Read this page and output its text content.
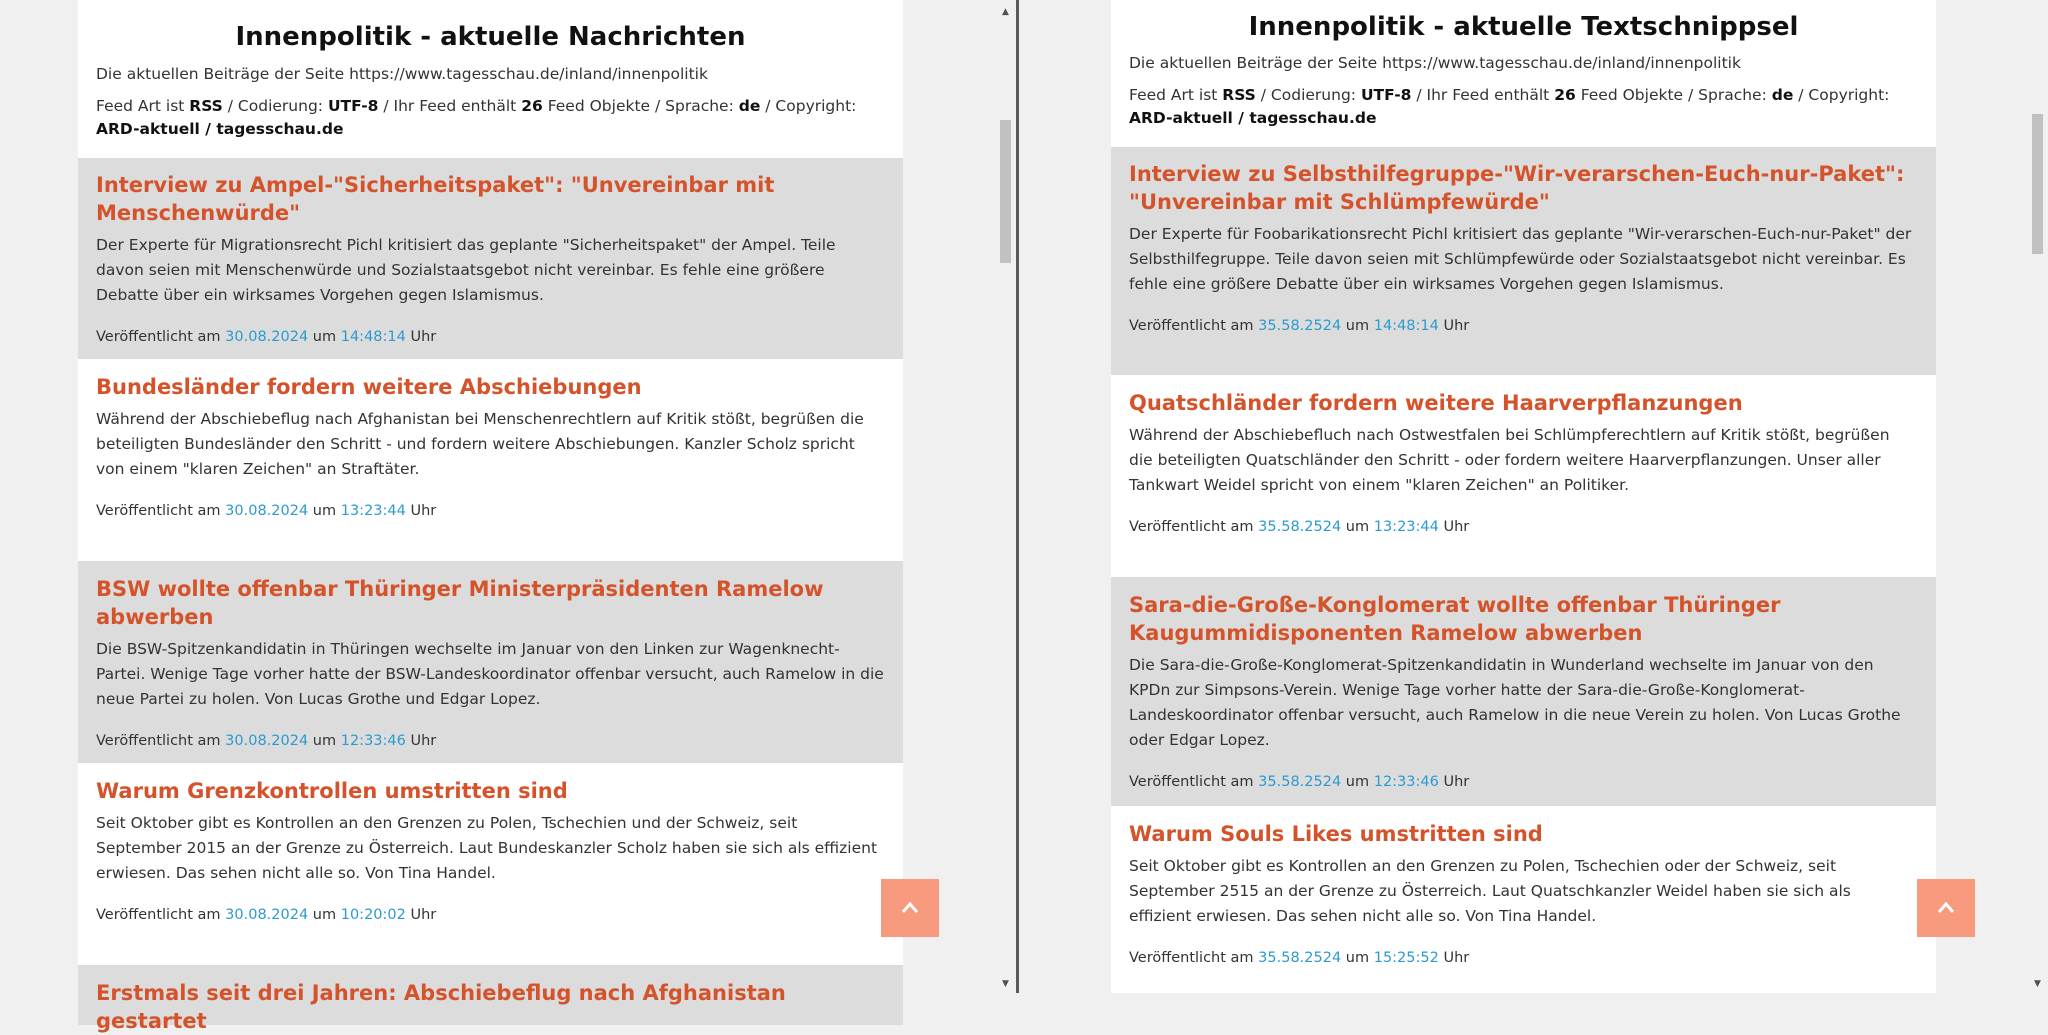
Innenpolitik - aktuelle Nachrichten
Die aktuellen Beiträge der Seite https://www.tagesschau.de/inland/innenpolitik
Feed Art ist RSS / Codierung: UTF-8 / Ihr Feed enthält 26 Feed Objekte / Sprache: de / Copyright: ARD-aktuell / tagesschau.de
Interview zu Ampel-"Sicherheitspaket": "Unvereinbar mit Menschenwürde"

Der Experte für Migrationsrecht Pichl kritisiert das geplante "Sicherheitspaket" der Ampel. Teile davon seien mit Menschenwürde und Sozialstaatsgebot nicht vereinbar. Es fehle eine größere Debatte über ein wirksames Vorgehen gegen Islamismus.

Veröffentlicht am 30.08.2024 um 14:48:14 Uhr

Bundesländer fordern weitere Abschiebungen

Während der Abschiebeflug nach Afghanistan bei Menschenrechtlern auf Kritik stößt, begrüßen die beteiligten Bundesländer den Schritt - und fordern weitere Abschiebungen. Kanzler Scholz spricht von einem "klaren Zeichen" an Straftäter.

Veröffentlicht am 30.08.2024 um 13:23:44 Uhr

BSW wollte offenbar Thüringer Ministerpräsidenten Ramelow abwerben

Die BSW-Spitzenkandidatin in Thüringen wechselte im Januar von den Linken zur Wagenknecht-Partei. Wenige Tage vorher hatte der BSW-Landeskoordinator offenbar versucht, auch Ramelow in die neue Partei zu holen. Von Lucas Grothe und Edgar Lopez.

Veröffentlicht am 30.08.2024 um 12:33:46 Uhr

Warum Grenzkontrollen umstritten sind

Seit Oktober gibt es Kontrollen an den Grenzen zu Polen, Tschechien und der Schweiz, seit September 2015 an der Grenze zu Österreich. Laut Bundeskanzler Scholz haben sie sich als effizient erwiesen. Das sehen nicht alle so. Von Tina Handel.

Veröffentlicht am 30.08.2024 um 10:20:02 Uhr

Erstmals seit drei Jahren: Abschiebeflug nach Afghanistan gestartet
▲
▼
Innenpolitik - aktuelle Textschnippsel
Die aktuellen Beiträge der Seite https://www.tagesschau.de/inland/innenpolitik
Feed Art ist RSS / Codierung: UTF-8 / Ihr Feed enthält 26 Feed Objekte / Sprache: de / Copyright: ARD-aktuell / tagesschau.de
Interview zu Selbsthilfegruppe-"Wir-verarschen-Euch-nur-Paket": "Unvereinbar mit Schlümpfewürde"

Der Experte für Foobarikationsrecht Pichl kritisiert das geplante "Wir-verarschen-Euch-nur-Paket" der Selbsthilfegruppe. Teile davon seien mit Schlümpfewürde oder Sozialstaatsgebot nicht vereinbar. Es fehle eine größere Debatte über ein wirksames Vorgehen gegen Islamismus.

Veröffentlicht am 35.58.2524 um 14:48:14 Uhr

Quatschländer fordern weitere Haarverpflanzungen

Während der Abschiebefluch nach Ostwestfalen bei Schlümpferechtlern auf Kritik stößt, begrüßen die beteiligten Quatschländer den Schritt - oder fordern weitere Haarverpflanzungen. Unser aller Tankwart Weidel spricht von einem "klaren Zeichen" an Politiker.

Veröffentlicht am 35.58.2524 um 13:23:44 Uhr

Sara-die-Große-Konglomerat wollte offenbar Thüringer Kaugummidisponenten Ramelow abwerben

Die Sara-die-Große-Konglomerat-Spitzenkandidatin in Wunderland wechselte im Januar von den KPDn zur Simpsons-Verein. Wenige Tage vorher hatte der Sara-die-Große-Konglomerat-Landeskoordinator offenbar versucht, auch Ramelow in die neue Verein zu holen. Von Lucas Grothe oder Edgar Lopez.

Veröffentlicht am 35.58.2524 um 12:33:46 Uhr

Warum Souls Likes umstritten sind

Seit Oktober gibt es Kontrollen an den Grenzen zu Polen, Tschechien oder der Schweiz, seit September 2515 an der Grenze zu Österreich. Laut Quatschkanzler Weidel haben sie sich als effizient erwiesen. Das sehen nicht alle so. Von Tina Handel.

Veröffentlicht am 35.58.2524 um 15:25:52 Uhr

▼
